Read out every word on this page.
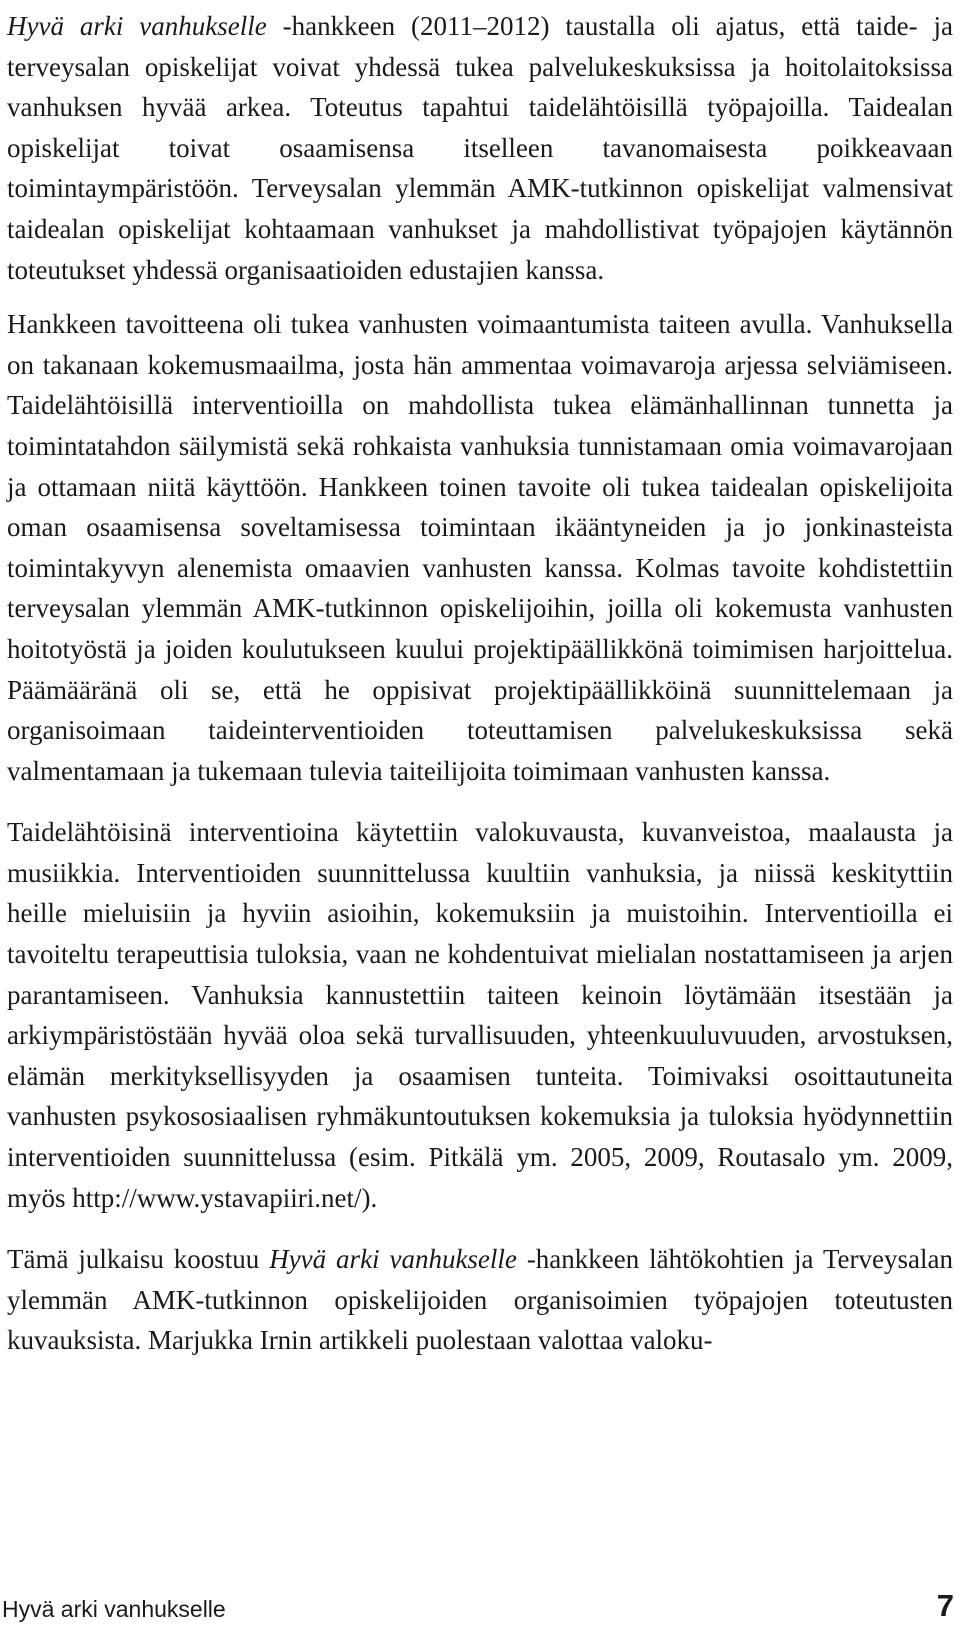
Hyvä arki vanhukselle -hankkeen (2011–2012) taustalla oli ajatus, että taide- ja terveysalan opiskelijat voivat yhdessä tukea palvelukeskuksissa ja hoitolaitoksissa vanhuksen hyvää arkea. Toteutus tapahtui taidelähtöisillä työpajoilla. Taidealan opiskelijat toivat osaamisensa itselleen tavanomaisesta poikkeavaan toimintaympäristöön. Terveysalan ylemmän AMK-tutkinnon opiskelijat valmensivat taidealan opiskelijat kohtaamaan vanhukset ja mahdollistivat työpajojen käytännön toteutukset yhdessä organisaatioiden edustajien kanssa.

Hankkeen tavoitteena oli tukea vanhusten voimaantumista taiteen avulla. Vanhuksella on takanaan kokemusmaailma, josta hän ammentaa voimavaroja arjessa selviämiseen. Taidelähtöisillä interventioilla on mahdollista tukea elämänhallinnan tunnetta ja toimintatahdon säilymistä sekä rohkaista vanhuksia tunnistamaan omia voimavarojaan ja ottamaan niitä käyttöön. Hankkeen toinen tavoite oli tukea taidealan opiskelijoita oman osaamisensa soveltamisessa toimintaan ikääntyneiden ja jo jonkinasteista toimintakyvyn alenemista omaavien vanhusten kanssa. Kolmas tavoite kohdistettiin terveysalan ylemmän AMK-tutkinnon opiskelijoihin, joilla oli kokemusta vanhusten hoitotyöstä ja joiden koulutukseen kuului projektipäällikkönä toimimisen harjoittelua. Päämääränä oli se, että he oppisivat projektipäällikköinä suunnittelemaan ja organisoimaan taideinterventioiden toteuttamisen palvelukeskuksissa sekä valmentamaan ja tukemaan tulevia taiteilijoita toimimaan vanhusten kanssa.

Taidelähtöisinä interventioina käytettiin valokuvausta, kuvanveistoa, maalausta ja musiikkia. Interventioiden suunnittelussa kuultiin vanhuksia, ja niissä keskityttiin heille mieluisiin ja hyviin asioihin, kokemuksiin ja muistoihin. Interventioilla ei tavoiteltu terapeuttisia tuloksia, vaan ne kohdentuivat mielialan nostattamiseen ja arjen parantamiseen. Vanhuksia kannustettiin taiteen keinoin löytämään itsestään ja arkiympäristöstään hyvää oloa sekä turvallisuuden, yhteenkuuluvuuden, arvostuksen, elämän merkityksellisyyden ja osaamisen tunteita. Toimivaksi osoittautuneita vanhusten psykososiaalisen ryhmäkuntoutuksen kokemuksia ja tuloksia hyödynnettiin interventioiden suunnittelussa (esim. Pitkälä ym. 2005, 2009, Routasalo ym. 2009, myös http://www.ystavapiiri.net/).

Tämä julkaisu koostuu Hyvä arki vanhukselle -hankkeen lähtökohtien ja Terveysalan ylemmän AMK-tutkinnon opiskelijoiden organisoimien työpajojen toteutusten kuvauksista. Marjukka Irnin artikkeli puolestaan valottaa valoku-

Hyvä arki vanhukselle	7
